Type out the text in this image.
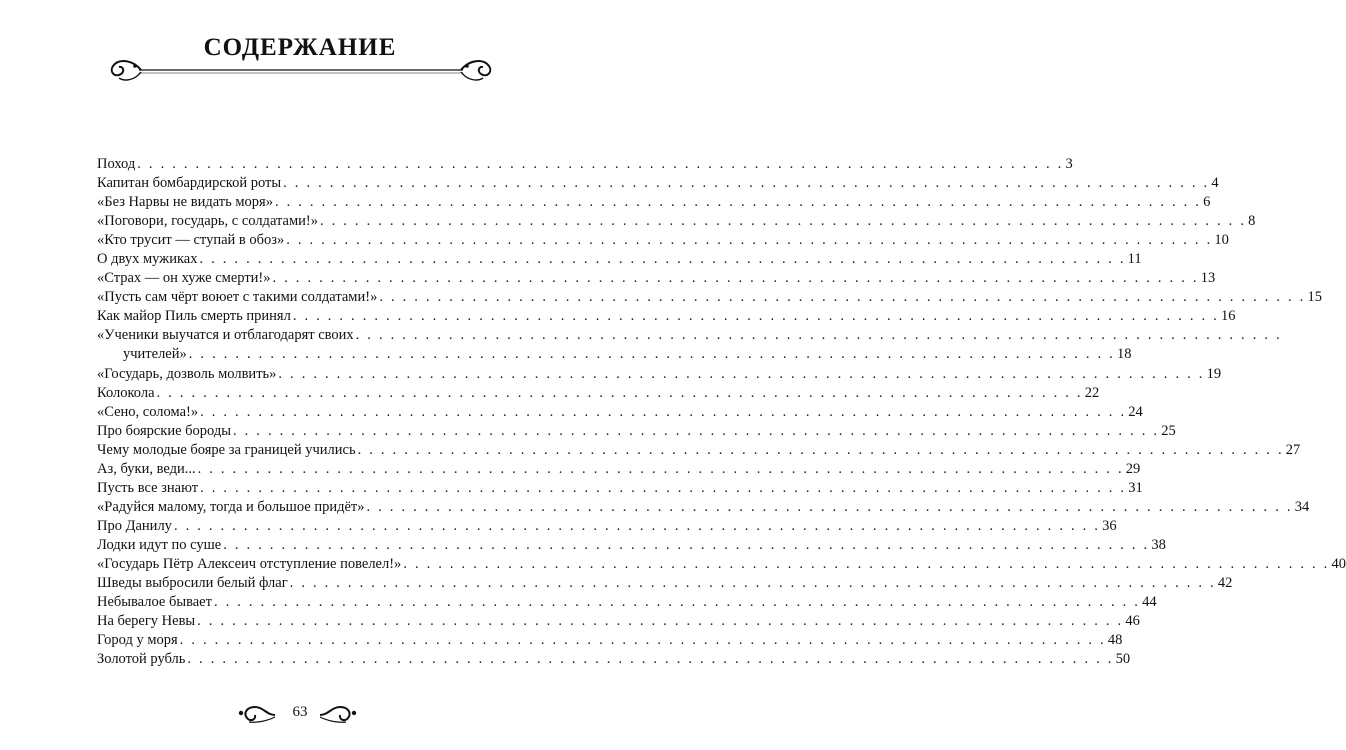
СОДЕРЖАНИЕ
Поход . . . . . . . . . . . . . . . . . . . . . . . . . . . . . . . . . . . . . . . . . . . . . . . . . . . . . . . . . . . . . . . . . . . . . . . . . . . . . . . . 3
Капитан бомбардирской роты . . . . . . . . . . . . . . . . . . . . . . . . . . . . . . . . . . . . . . . . . . . . . . . . . . . . . . . . . . . . . . . . . . . . . . . . . . . . . . . . 4
«Без Нарвы не видать моря» . . . . . . . . . . . . . . . . . . . . . . . . . . . . . . . . . . . . . . . . . . . . . . . . . . . . . . . . . . . . . . . . . . . . . . . . . . . . . . . . 6
«Поговори, государь, с солдатами!» . . . . . . . . . . . . . . . . . . . . . . . . . . . . . . . . . . . . . . . . . . . . . . . . . . . . . . . . . . . . . . . . . . . . . . . . . . . . . . . . 8
«Кто трусит — ступай в обоз» . . . . . . . . . . . . . . . . . . . . . . . . . . . . . . . . . . . . . . . . . . . . . . . . . . . . . . . . . . . . . . . . . . . . . . . . . . . . . . . . 10
О двух мужиках . . . . . . . . . . . . . . . . . . . . . . . . . . . . . . . . . . . . . . . . . . . . . . . . . . . . . . . . . . . . . . . . . . . . . . . . . . . . . . . . 11
«Страх — он хуже смерти!» . . . . . . . . . . . . . . . . . . . . . . . . . . . . . . . . . . . . . . . . . . . . . . . . . . . . . . . . . . . . . . . . . . . . . . . . . . . . . . . . 13
«Пусть сам чёрт воюет с такими солдатами!» . . . . . . . . . . . . . . . . . . . . . . . . . . . . . . . . . . . . . . . . . . . . . . . . . . . . . . . . . . . . . . . . . . . . . . . . . . . . . . . . 15
Как майор Пиль смерть принял . . . . . . . . . . . . . . . . . . . . . . . . . . . . . . . . . . . . . . . . . . . . . . . . . . . . . . . . . . . . . . . . . . . . . . . . . . . . . . . . 16
«Ученики выучатся и отблагодарят своих . . . . . . . . . . . . . . . . . . . . . . . . . . . . . . . . . . . . . . . . . . . . . . . . . . . . . . . . . . . . . . . . . . . . . . . . . . . . . . . .
учителей» . . . . . . . . . . . . . . . . . . . . . . . . . . . . . . . . . . . . . . . . . . . . . . . . . . . . . . . . . . . . . . . . . . . . . . . . . . . . . . . . 18
«Государь, дозволь молвить» . . . . . . . . . . . . . . . . . . . . . . . . . . . . . . . . . . . . . . . . . . . . . . . . . . . . . . . . . . . . . . . . . . . . . . . . . . . . . . . . 19
Колокола . . . . . . . . . . . . . . . . . . . . . . . . . . . . . . . . . . . . . . . . . . . . . . . . . . . . . . . . . . . . . . . . . . . . . . . . . . . . . . . . 22
«Сено, солома!» . . . . . . . . . . . . . . . . . . . . . . . . . . . . . . . . . . . . . . . . . . . . . . . . . . . . . . . . . . . . . . . . . . . . . . . . . . . . . . . . 24
Про боярские бороды . . . . . . . . . . . . . . . . . . . . . . . . . . . . . . . . . . . . . . . . . . . . . . . . . . . . . . . . . . . . . . . . . . . . . . . . . . . . . . . . 25
Чему молодые бояре за границей учились . . . . . . . . . . . . . . . . . . . . . . . . . . . . . . . . . . . . . . . . . . . . . . . . . . . . . . . . . . . . . . . . . . . . . . . . . . . . . . . . 27
Аз, буки, веди... . . . . . . . . . . . . . . . . . . . . . . . . . . . . . . . . . . . . . . . . . . . . . . . . . . . . . . . . . . . . . . . . . . . . . . . . . . . . . . . . 29
Пусть все знают . . . . . . . . . . . . . . . . . . . . . . . . . . . . . . . . . . . . . . . . . . . . . . . . . . . . . . . . . . . . . . . . . . . . . . . . . . . . . . . . 31
«Радуйся малому, тогда и большое придёт» . . . . . . . . . . . . . . . . . . . . . . . . . . . . . . . . . . . . . . . . . . . . . . . . . . . . . . . . . . . . . . . . . . . . . . . . . . . . . . . . 34
Про Данилу . . . . . . . . . . . . . . . . . . . . . . . . . . . . . . . . . . . . . . . . . . . . . . . . . . . . . . . . . . . . . . . . . . . . . . . . . . . . . . . . 36
Лодки идут по суше . . . . . . . . . . . . . . . . . . . . . . . . . . . . . . . . . . . . . . . . . . . . . . . . . . . . . . . . . . . . . . . . . . . . . . . . . . . . . . . . 38
«Государь Пётр Алексеич отступление повелел!» . . . . . . . . . . . . . . . . . . . . . . . . . . . . . . . . . . . . . . . . . . . . . . . . . . . . . . . . . . . . . . . . . . . . . . . . . . . . . . . . 40
Шведы выбросили белый флаг . . . . . . . . . . . . . . . . . . . . . . . . . . . . . . . . . . . . . . . . . . . . . . . . . . . . . . . . . . . . . . . . . . . . . . . . . . . . . . . . 42
Небывалое бывает . . . . . . . . . . . . . . . . . . . . . . . . . . . . . . . . . . . . . . . . . . . . . . . . . . . . . . . . . . . . . . . . . . . . . . . . . . . . . . . . 44
На берегу Невы . . . . . . . . . . . . . . . . . . . . . . . . . . . . . . . . . . . . . . . . . . . . . . . . . . . . . . . . . . . . . . . . . . . . . . . . . . . . . . . . 46
Город у моря . . . . . . . . . . . . . . . . . . . . . . . . . . . . . . . . . . . . . . . . . . . . . . . . . . . . . . . . . . . . . . . . . . . . . . . . . . . . . . . . 48
Золотой рубль . . . . . . . . . . . . . . . . . . . . . . . . . . . . . . . . . . . . . . . . . . . . . . . . . . . . . . . . . . . . . . . . . . . . . . . . . . . . . . . . 50
63
